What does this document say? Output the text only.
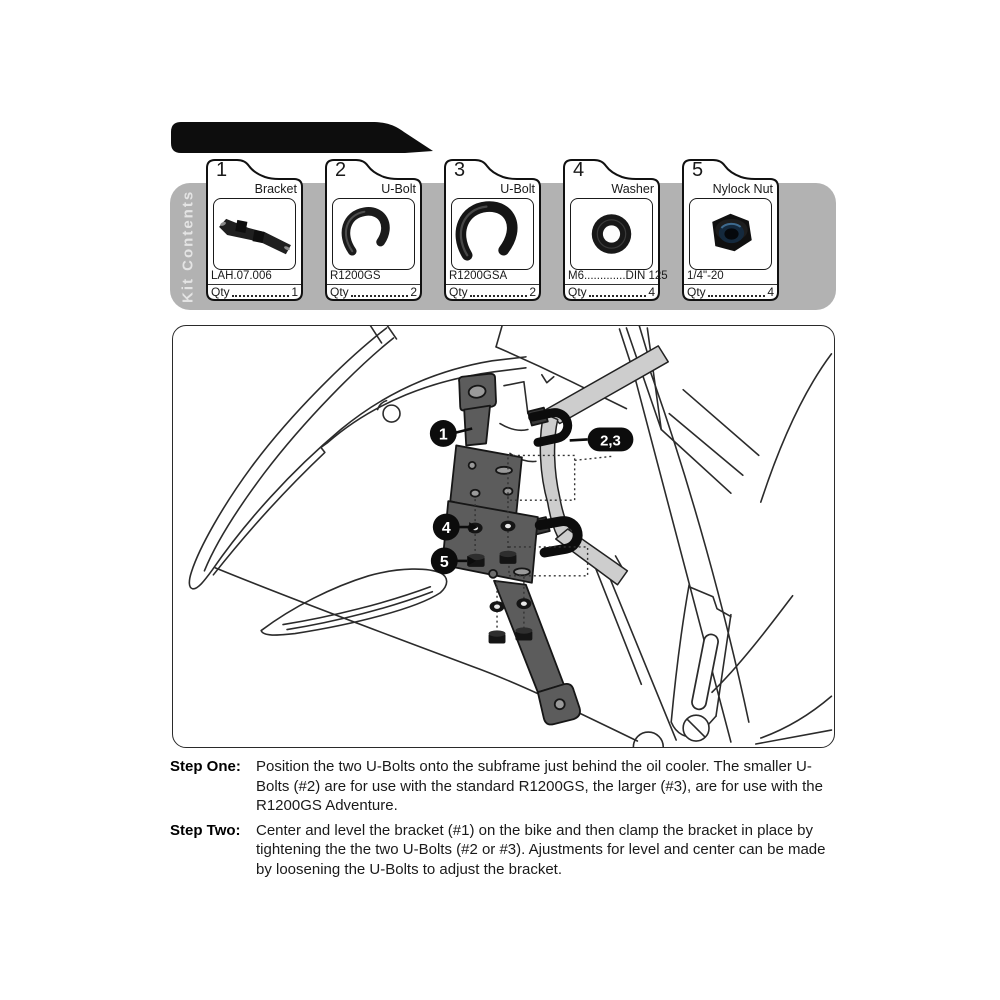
Kit Contents
1
Bracket
LAH.07.006
Qty	1
2
U-Bolt
R1200GS
Qty	2
3
U-Bolt
R1200GSA
Qty	2
4
Washer
M6.............DIN 125
Qty	4
5
Nylock Nut
1/4"-20
Qty	4
1	2,3
4
5
Step One:	Position the two U-Bolts onto the subframe just behind the oil cooler. The smaller U-Bolts (#2) are for use with the standard R1200GS, the larger (#3), are for use with the R1200GS Adventure.
Step Two:	Center and level the bracket (#1) on the bike and then clamp the bracket in place by tightening the the two U-Bolts (#2 or #3). Ajustments for level and center can be made by loosening the U-Bolts to adjust the bracket.
